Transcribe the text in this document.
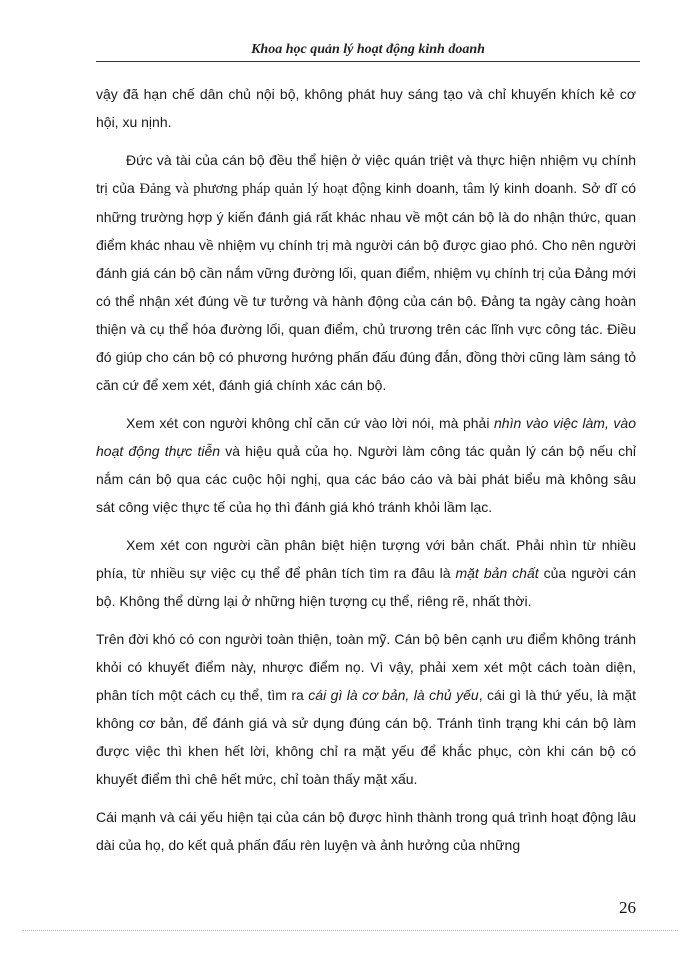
Khoa học quản lý hoạt động kinh doanh

vậy đã hạn chế dân chủ nội bộ, không phát huy sáng tạo và chỉ khuyến khích kẻ cơ hội, xu nịnh.

Đức và tài của cán bộ đều thể hiện ở việc quán triệt và thực hiện nhiệm vụ chính trị của Đảng và phương pháp quản lý hoạt động kinh doanh, tâm lý kinh doanh. Sở dĩ có những trường hợp ý kiến đánh giá rất khác nhau về một cán bộ là do nhận thức, quan điểm khác nhau về nhiệm vụ chính trị mà người cán bộ được giao phó. Cho nên người đánh giá cán bộ cần nắm vững đường lối, quan điểm, nhiệm vụ chính trị của Đảng mới có thể nhận xét đúng về tư tưởng và hành động của cán bộ. Đảng ta ngày càng hoàn thiện và cụ thể hóa đường lối, quan điểm, chủ trương trên các lĩnh vực công tác. Điều đó giúp cho cán bộ có phương hướng phấn đấu đúng đắn, đồng thời cũng làm sáng tỏ căn cứ để xem xét, đánh giá chính xác cán bộ.

Xem xét con người không chỉ căn cứ vào lời nói, mà phải nhìn vào việc làm, vào hoạt động thực tiễn và hiệu quả của họ. Người làm công tác quản lý cán bộ nếu chỉ nắm cán bộ qua các cuộc hội nghị, qua các báo cáo và bài phát biểu mà không sâu sát công việc thực tế của họ thì đánh giá khó tránh khỏi lầm lạc.

Xem xét con người cần phân biệt hiện tượng với bản chất. Phải nhìn từ nhiều phía, từ nhiều sự việc cụ thể để phân tích tìm ra đâu là mặt bản chất của người cán bộ. Không thể dừng lại ở những hiện tượng cụ thể, riêng rẽ, nhất thời.

Trên đời khó có con người toàn thiện, toàn mỹ. Cán bộ bên cạnh ưu điểm không tránh khỏi có khuyết điểm này, nhược điểm nọ. Vì vậy, phải xem xét một cách toàn diện, phân tích một cách cụ thể, tìm ra cái gì là cơ bản, là chủ yếu, cái gì là thứ yếu, là mặt không cơ bản, để đánh giá và sử dụng đúng cán bộ. Tránh tình trạng khi cán bộ làm được việc thì khen hết lời, không chỉ ra mặt yếu để khắc phục, còn khi cán bộ có khuyết điểm thì chê hết mức, chỉ toàn thấy mặt xấu.

Cái mạnh và cái yếu hiện tại của cán bộ được hình thành trong quá trình hoạt động lâu dài của họ, do kết quả phấn đấu rèn luyện và ảnh hưởng của những

26
